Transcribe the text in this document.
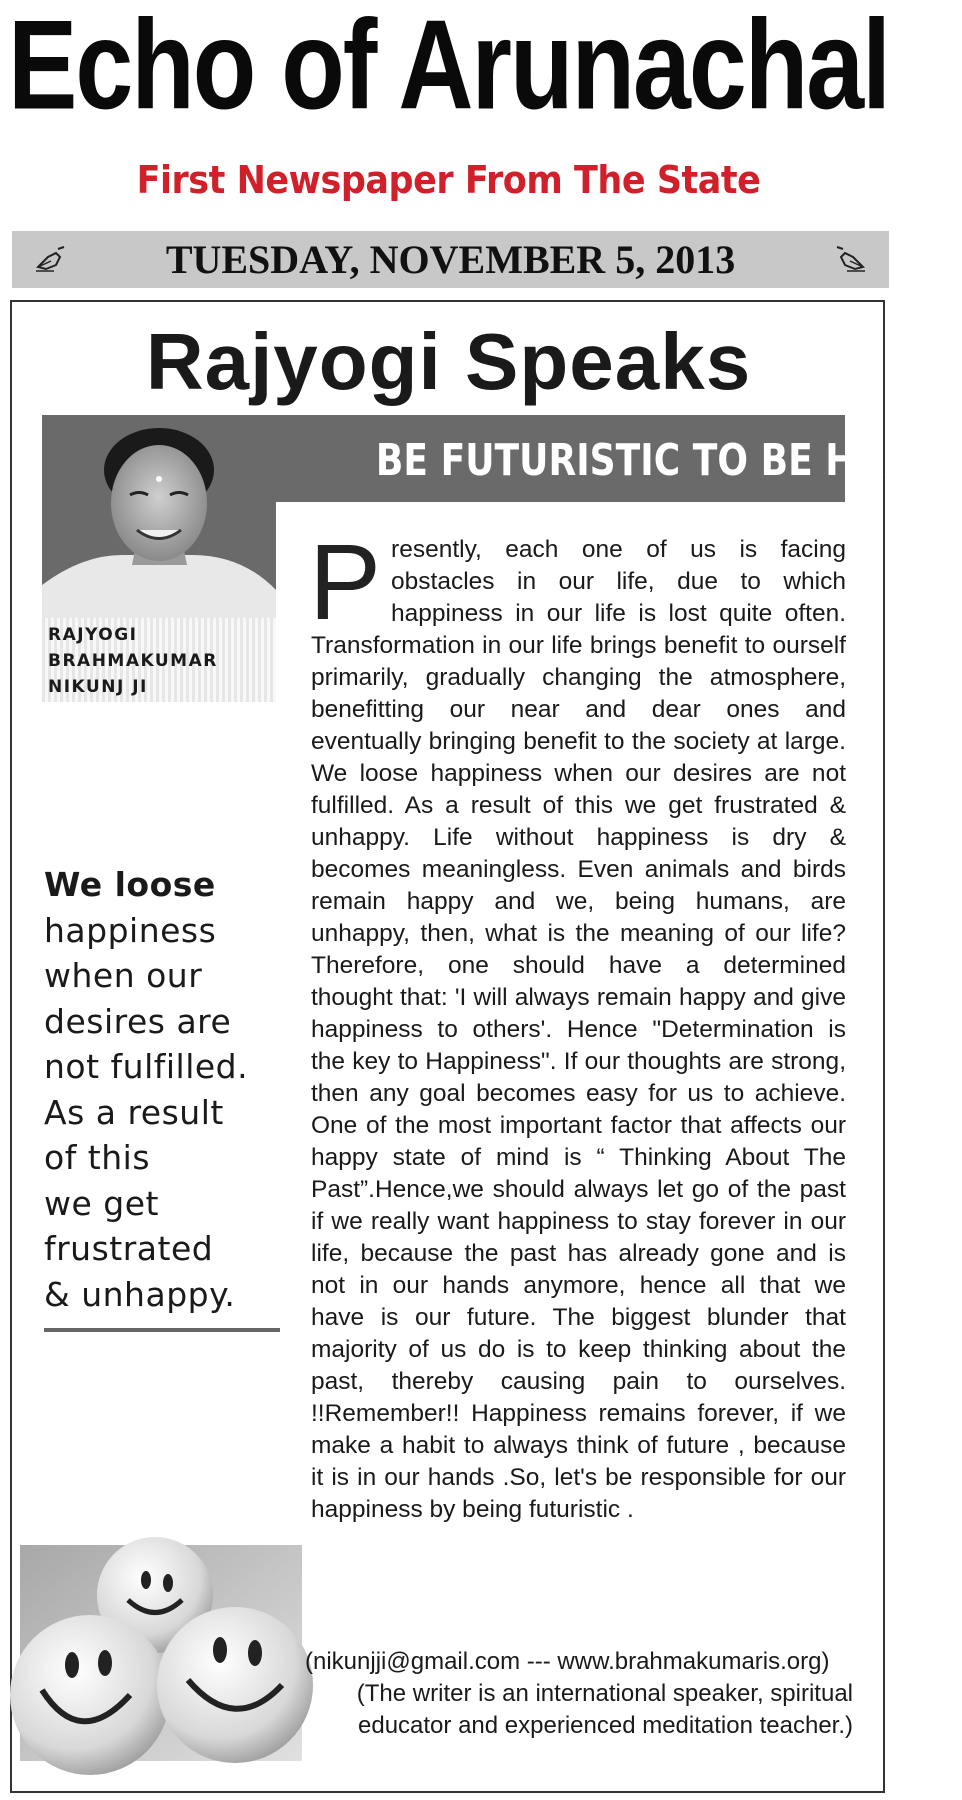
Echo of Arunachal
First Newspaper From The State
TUESDAY, NOVEMBER 5, 2013
Rajyogi Speaks
BE FUTURISTIC TO BE HAPPY
RAJYOGI
BRAHMAKUMAR
NIKUNJ JI
P resently, each one of us is facing obstacles in our life, due to which happiness in our life is lost quite often. Transformation in our life brings benefit to ourself primarily, gradually changing the atmosphere, benefitting our near and dear ones and eventually bringing benefit to the society at large. We loose happiness when our desires are not fulfilled. As a result of this we get frustrated & unhappy. Life without happiness is dry & becomes meaningless. Even animals and birds remain happy and we, being humans, are unhappy, then, what is the meaning of our life? Therefore, one should have a determined thought that: 'I will always remain happy and give happiness to others'. Hence "Determination is the key to Happiness". If our thoughts are strong, then any goal becomes easy for us to achieve. One of the most important factor that affects our happy state of mind is “ Thinking About The Past”.Hence,we should always let go of the past if we really want happiness to stay forever in our life, because the past has already gone and is not in our hands anymore, hence all that we have is our future. The biggest blunder that majority of us do is to keep thinking about the past, thereby causing pain to ourselves. !!Remember!! Happiness remains forever, if we make a habit to always think of future , because it is in our hands .So, let's be responsible for our happiness by being futuristic .

We loose
happiness
when our
desires are
not fulfilled.
As a result
of this
we get
frustrated
& unhappy.
(nikunjji@gmail.com --- www.brahmakumaris.org)
(The writer is an international speaker, spiritual
educator and experienced meditation teacher.)
